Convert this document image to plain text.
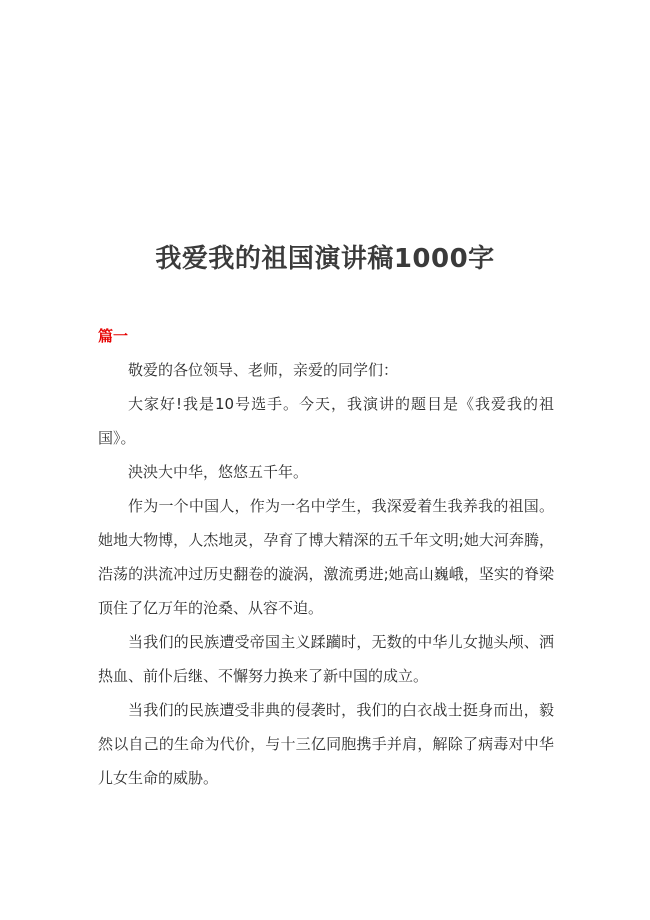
我爱我的祖国演讲稿1000字
篇一

敬爱的各位领导、老师，亲爱的同学们：

大家好!我是10号选手。今天，我演讲的题目是《我爱我的祖国》。

泱泱大中华，悠悠五千年。

作为一个中国人，作为一名中学生，我深爱着生我养我的祖国。她地大物博，人杰地灵，孕育了博大精深的五千年文明;她大河奔腾，浩荡的洪流冲过历史翻卷的漩涡，激流勇进;她高山巍峨，坚实的脊梁顶住了亿万年的沧桑、从容不迫。

当我们的民族遭受帝国主义蹂躏时，无数的中华儿女抛头颅、洒热血、前仆后继、不懈努力换来了新中国的成立。

当我们的民族遭受非典的侵袭时，我们的白衣战士挺身而出，毅然以自己的生命为代价，与十三亿同胞携手并肩，解除了病毒对中华儿女生命的威胁。
